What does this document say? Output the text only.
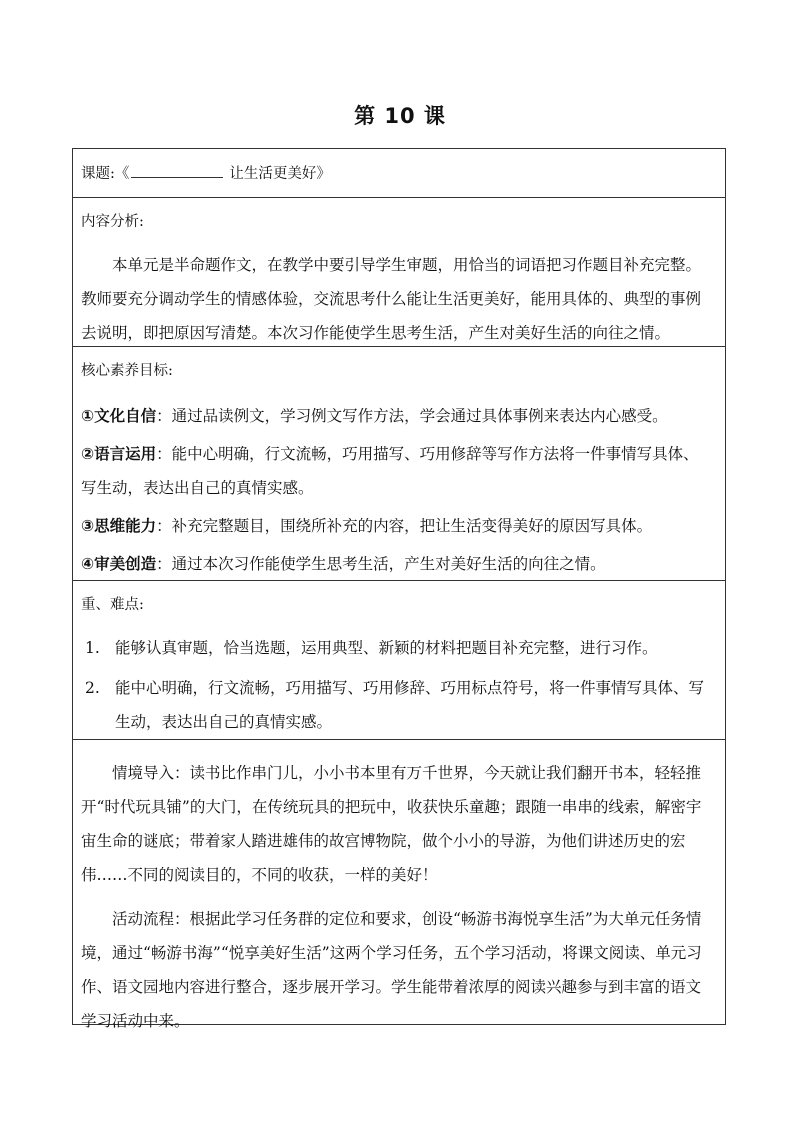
第 10 课
课题:《	让生活更美好》
内容分析:

本单元是半命题作文，在教学中要引导学生审题，用恰当的词语把习作题目补充完整。教师要充分调动学生的情感体验，交流思考什么能让生活更美好，能用具体的、典型的事例去说明，即把原因写清楚。本次习作能使学生思考生活，产生对美好生活的向往之情。

核心素养目标:

①文化自信：通过品读例文，学习例文写作方法，学会通过具体事例来表达内心感受。

②语言运用：能中心明确，行文流畅，巧用描写、巧用修辞等写作方法将一件事情写具体、写生动，表达出自己的真情实感。

③思维能力：补充完整题目，围绕所补充的内容，把让生活变得美好的原因写具体。

④审美创造：通过本次习作能使学生思考生活，产生对美好生活的向往之情。

重、难点:
1. 能够认真审题，恰当选题，运用典型、新颖的材料把题目补充完整，进行习作。
2. 能中心明确，行文流畅，巧用描写、巧用修辞、巧用标点符号，将一件事情写具体、写生动，表达出自己的真情实感。

情境导入：读书比作串门儿，小小书本里有万千世界，今天就让我们翻开书本，轻轻推开“时代玩具铺”的大门，在传统玩具的把玩中，收获快乐童趣；跟随一串串的线索，解密宇宙生命的谜底；带着家人踏进雄伟的故宫博物院，做个小小的导游，为他们讲述历史的宏伟……不同的阅读目的，不同的收获，一样的美好！

活动流程：根据此学习任务群的定位和要求，创设“畅游书海悦享生活”为大单元任务情境，通过“畅游书海”“悦享美好生活”这两个学习任务，五个学习活动，将课文阅读、单元习作、语文园地内容进行整合，逐步展开学习。学生能带着浓厚的阅读兴趣参与到丰富的语文学习活动中来。
